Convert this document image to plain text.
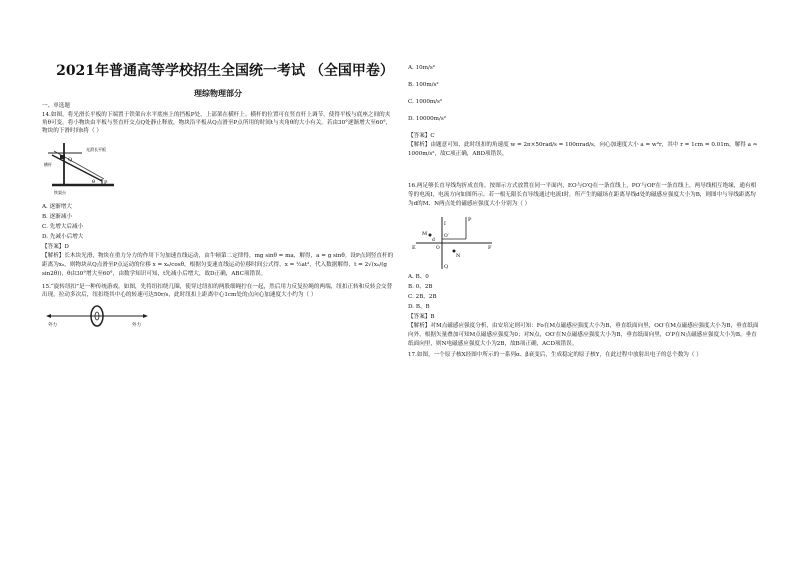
2021年普通高等学校招生全国统一考试 （全国甲卷）
理综物理部分
一、单选题
14.如图，将光滑长平板的下端置于铁架台水平底座上的挡板P处，上部架在横杆上。横杆的位置可在竖直杆上调节，使得平板与底座之间的夹角θ可变。将小物块由平板与竖直杆交点Q处静止释放，物块沿平板从Q点滑至P点所用的时间t与夹角θ的大小有关。若由30°逐渐增大至60°，物块的下滑时间t将（ ）
光滑长平板
横杆
铁架台
P
Q
θ
A. 逐渐增大
B. 逐渐减小
C. 先增大后减小
D. 先减小后增大
【答案】D
【解析】长木块光滑，物块在重力分力的作用下匀加速直线运动，由牛顿第二定律得，mg sinθ = ma，解得，a = g sinθ。设P点到竖直杆的距离为x₀，则物块从Q点滑至P点运动的位移 x = x₀/cosθ，根据匀变速直线运动位移时间公式得，x = ½at²，代入数据解得，t = 2√(x₀/(g sin2θ))，θ由30°增大至60°，由数学知识可知，t先减小后增大，故D正确，ABC项错误。
15.“旋转纽扣”是一种传统游戏。如图，先将纽扣绕几圈，使穿过纽扣的两股细绳拧在一起，然后用力反复拉绳的两端，纽扣正转和反转会交替出现。拉动多次后，纽扣绕其中心的转速可达50r/s，此时纽扣上距离中心1cm处的点向心加速度大小约为（ ）
外力	外力
A. 10m/s²
B. 100m/s²
C. 1000m/s²
D. 10000m/s²
【答案】C
【解析】由题意可知，此时纽扣的角速度 w = 2π×50rad/s = 100πrad/s，向心加速度大小 a = w²r，其中 r = 1cm = 0.01m，解得 a ≈ 1000m/s²，故C项正确，ABD项错误。
16.两足够长直导线均折成直角，按图示方式放置在同一平面内，EO与O′Q在一条直线上，PO′与OF在一条直线上，两导线相互绝缘，通有相等的电流I，电流方向如图所示。若一根无限长直导线通过电流I时，所产生的磁场在距离导线d处的磁感应强度大小为B，则图中与导线距离均为d的M、N两点处的磁感应强度大小分别为（ ）
M
N
E	F
P
Q
O
O′
I
d
A. B、0
B. 0、2B
C. 2B、2B
D. B、B
【答案】B
【解析】对M点磁感应强度分析，由安培定则可知：Fo在M点磁感应强度大小为B，垂直纸面向里，OO′在M点磁感应强度大小为B，垂直纸面向外，根据矢量叠加可知M点磁感应强度为0；对N点，OO′在N点磁感应强度大小为B，垂直纸面向里，O′P在N点磁感应强度大小为B，垂直纸面向里，则N电磁感应强度大小为2B，故B项正确，ACD项错误。
17.如图，一个原子核X经图中所示的一系列α、β衰变后，生成稳定的原子核Y，在此过程中放射出电子的总个数为（ ）
